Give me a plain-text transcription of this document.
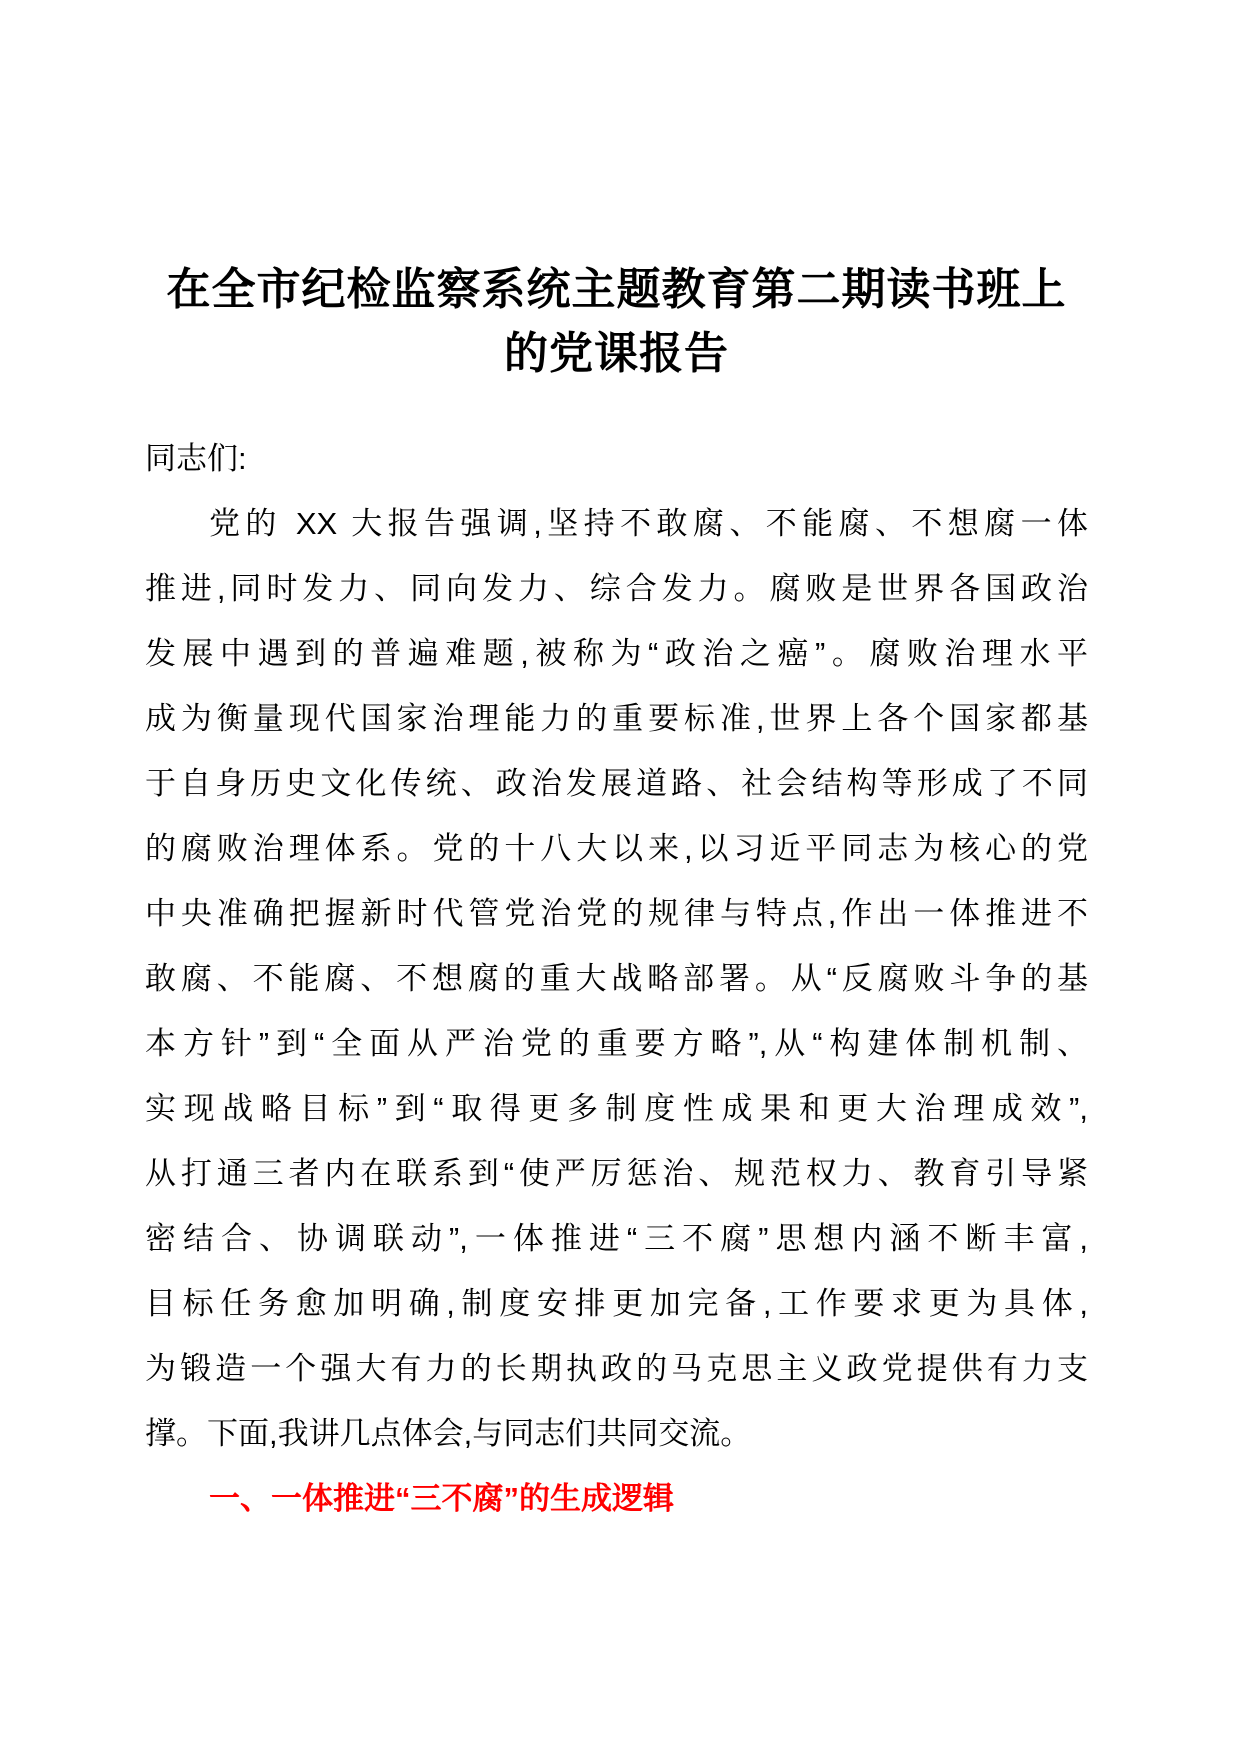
在全市纪检监察系统主题教育第二期读书班上
的党课报告

同志们:

党的 XX 大报告强调,坚持不敢腐、不能腐、不想腐一体
推进,同时发力、同向发力、综合发力。腐败是世界各国政治
发展中遇到的普遍难题,被称为“政治之癌”。腐败治理水平
成为衡量现代国家治理能力的重要标准,世界上各个国家都基
于自身历史文化传统、政治发展道路、社会结构等形成了不同
的腐败治理体系。党的十八大以来,以习近平同志为核心的党
中央准确把握新时代管党治党的规律与特点,作出一体推进不
敢腐、不能腐、不想腐的重大战略部署。从“反腐败斗争的基
本方针”到“全面从严治党的重要方略”,从“构建体制机制、
实现战略目标”到“取得更多制度性成果和更大治理成效”,
从打通三者内在联系到“使严厉惩治、规范权力、教育引导紧
密结合、协调联动”,一体推进“三不腐”思想内涵不断丰富,
目标任务愈加明确,制度安排更加完备,工作要求更为具体,
为锻造一个强大有力的长期执政的马克思主义政党提供有力支
撑。下面,我讲几点体会,与同志们共同交流。

一、一体推进“三不腐”的生成逻辑
